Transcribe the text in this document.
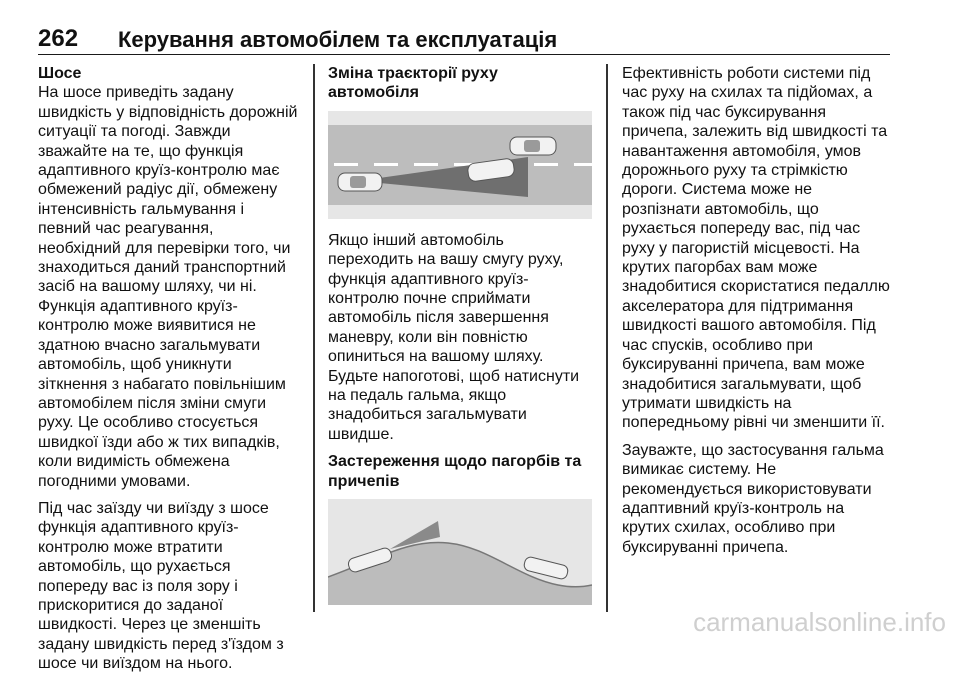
262 Керування автомобілем та експлуатація
Шосе

На шосе приведіть задану швидкість у відповідність дорожній ситуації та погоді. Завжди зважайте на те, що функція адаптивного круїз-контролю має обмежений радіус дії, обмежену інтенсивність гальмування і певний час реагування, необхідний для перевірки того, чи знаходиться даний транспортний засіб на вашому шляху, чи ні. Функція адаптивного круїз-контролю може виявитися не здатною вчасно загальмувати автомобіль, щоб уникнути зіткнення з набагато повільнішим автомобілем після зміни смуги руху. Це особливо стосується швидкої їзди або ж тих випадків, коли видимість обмежена погодними умовами.

Під час заїзду чи виїзду з шосе функція адаптивного круїз-контролю може втратити автомобіль, що рухається попереду вас із поля зору і прискоритися до заданої швидкості. Через це зменшіть задану швидкість перед з'їздом з шосе чи виїздом на нього.

Зміна траєкторії руху автомобіля

Якщо інший автомобіль переходить на вашу смугу руху, функція адаптивного круїз-контролю почне сприймати автомобіль після завершення маневру, коли він повністю опиниться на вашому шляху. Будьте напоготові, щоб натиснути на педаль гальма, якщо знадобиться загальмувати швидше.

Застереження щодо пагорбів та причепів

Ефективність роботи системи під час руху на схилах та підйомах, а також під час буксирування причепа, залежить від швидкості та навантаження автомобіля, умов дорожнього руху та стрімкістю дороги. Система може не розпізнати автомобіль, що рухається попереду вас, під час руху у пагористій місцевості. На крутих пагорбах вам може знадобитися скористатися педаллю акселератора для підтримання швидкості вашого автомобіля. Під час спусків, особливо при буксируванні причепа, вам може знадобитися загальмувати, щоб утримати швидкість на попередньому рівні чи зменшити її.

Зауважте, що застосування гальма вимикає систему. Не рекомендується використовувати адаптивний круїз-контроль на крутих схилах, особливо при буксируванні причепа.

carmanualsonline.info
